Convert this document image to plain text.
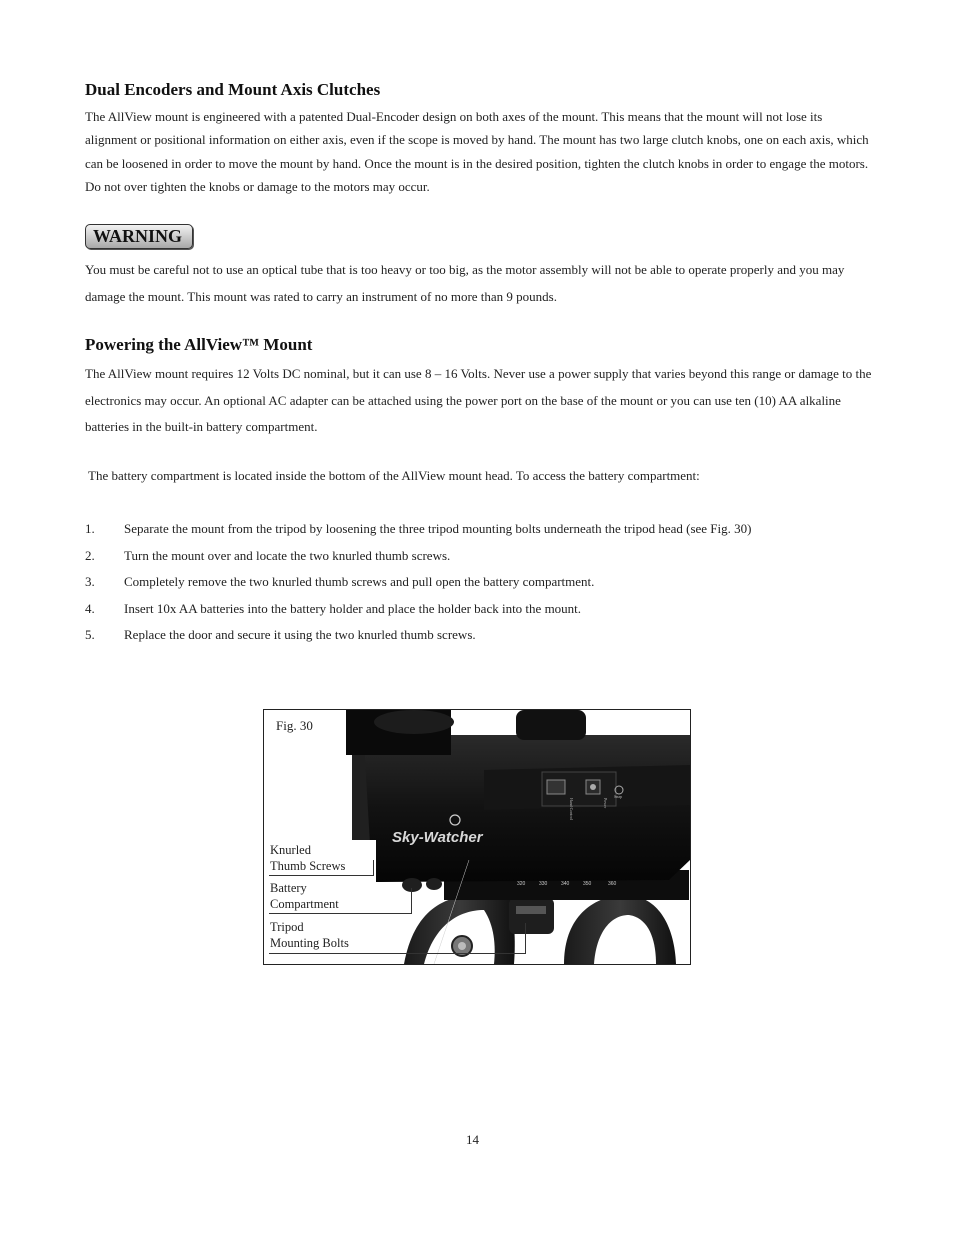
Dual Encoders and Mount Axis Clutches

The AllView mount is engineered with a patented Dual-Encoder design on both axes of the mount. This means that the mount will not lose its alignment or positional information on either axis, even if the scope is moved by hand. The mount has two large clutch knobs, one on each axis, which can be loosened in order to move the mount by hand. Once the mount is in the desired position, tighten the clutch knobs in order to engage the motors. Do not over tighten the knobs or damage to the motors may occur.

WARNING

You must be careful not to use an optical tube that is too heavy or too big, as the motor assembly will not be able to operate properly and you may damage the mount. This mount was rated to carry an instrument of no more than 9 pounds.

Powering the AllView™ Mount

The AllView mount requires 12 Volts DC nominal, but it can use 8 – 16 Volts. Never use a power supply that varies beyond this range or damage to the electronics may occur. An optional AC adapter can be attached using the power port on the base of the mount or you can use ten (10) AA alkaline batteries in the built-in battery compartment.

The battery compartment is located inside the bottom of the AllView mount head. To access the battery compartment:

1.	Separate the mount from the tripod by loosening the three tripod mounting bolts underneath the tripod head (see Fig. 30)
2.	Turn the mount over and locate the two knurled thumb screws.
3.	Completely remove the two knurled thumb screws and pull open the battery compartment.
4.	Insert 10x AA batteries into the battery holder and place the holder back into the mount.
5.	Replace the door and secure it using the two knurled thumb screws.
Hand Control	Power
Snap
Sky-Watcher
320	330	340	350	360
Fig. 30
Knurled
Thumb Screws
Battery
Compartment
Tripod
Mounting Bolts
14
